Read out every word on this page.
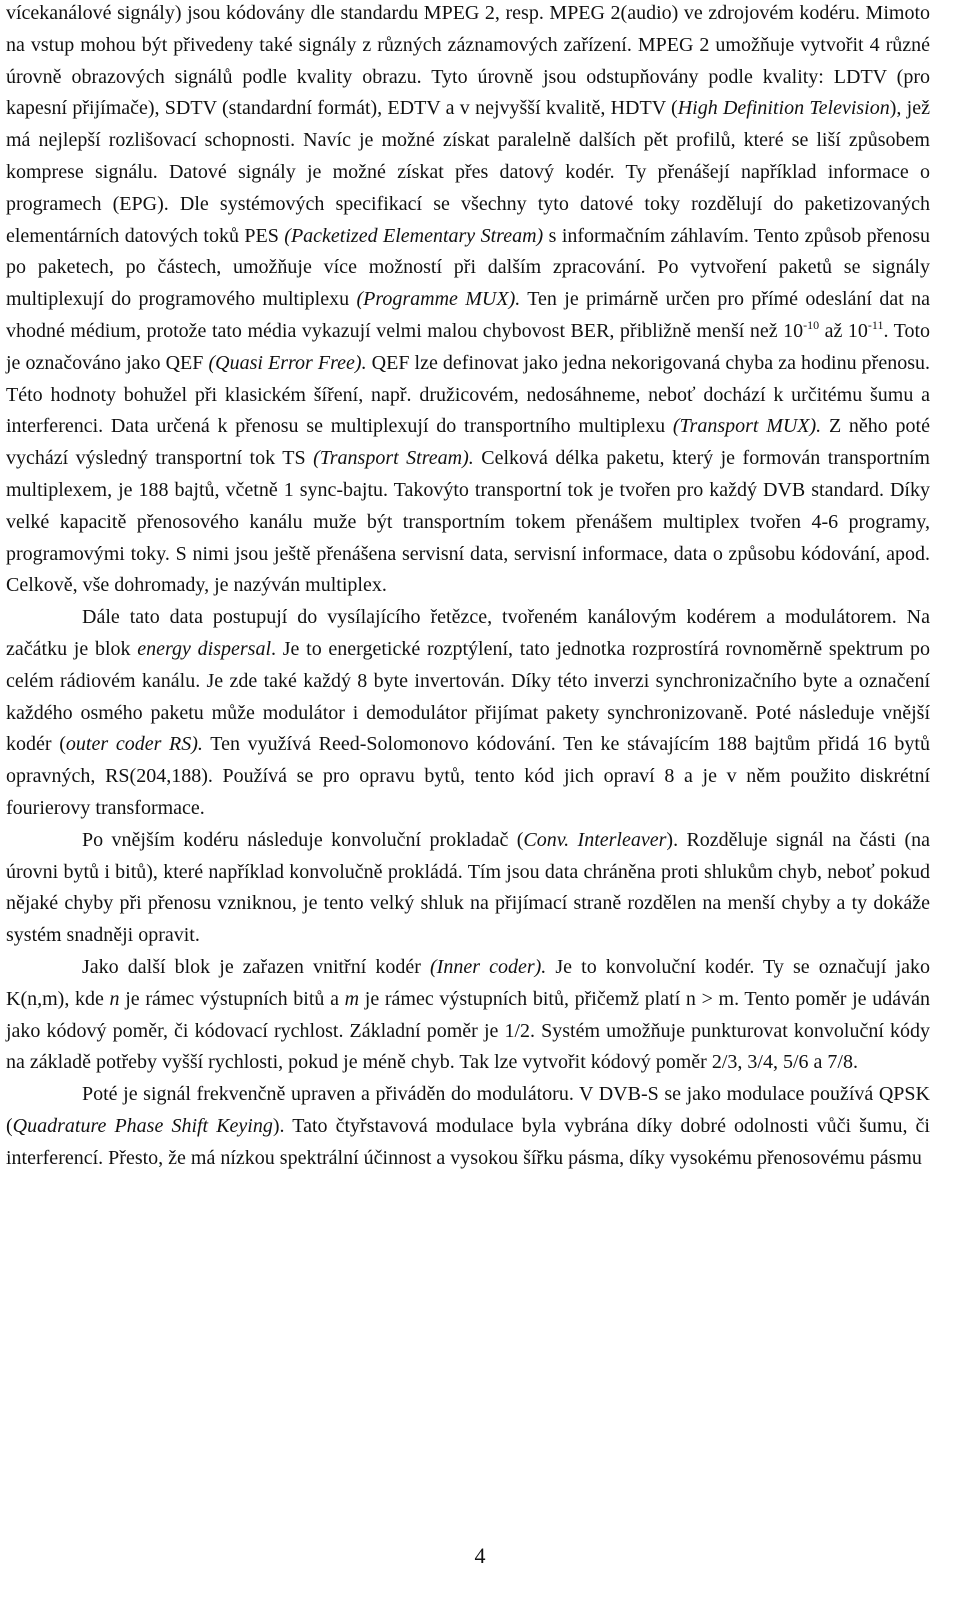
vícekanálové signály) jsou kódovány dle standardu MPEG 2, resp. MPEG 2(audio) ve zdrojovém kodéru. Mimoto na vstup mohou být přivedeny také signály z různých záznamových zařízení. MPEG 2 umožňuje vytvořit 4 různé úrovně obrazových signálů podle kvality obrazu. Tyto úrovně jsou odstupňovány podle kvality: LDTV (pro kapesní přijímače), SDTV (standardní formát), EDTV a v nejvyšší kvalitě, HDTV (High Definition Television), jež má nejlepší rozlišovací schopnosti. Navíc je možné získat paralelně dalších pět profilů, které se liší způsobem komprese signálu. Datové signály je možné získat přes datový kodér. Ty přenášejí například informace o programech (EPG). Dle systémových specifikací se všechny tyto datové toky rozdělují do paketizovaných elementárních datových toků PES (Packetized Elementary Stream) s informačním záhlavím. Tento způsob přenosu po paketech, po částech, umožňuje více možností při dalším zpracování. Po vytvoření paketů se signály multiplexují do programového multiplexu (Programme MUX). Ten je primárně určen pro přímé odeslání dat na vhodné médium, protože tato média vykazují velmi malou chybovost BER, přibližně menší než $10^{-10}$ až $10^{-11}$. Toto je označováno jako QEF (Quasi Error Free). QEF lze definovat jako jedna nekorigovaná chyba za hodinu přenosu. Této hodnoty bohužel při klasickém šíření, např. družicovém, nedosáhneme, neboť dochází k určitému šumu a interferenci. Data určená k přenosu se multiplexují do transportního multiplexu (Transport MUX). Z něho poté vychází výsledný transportní tok TS (Transport Stream). Celková délka paketu, který je formován transportním multiplexem, je 188 bajtů, včetně 1 sync-bajtu. Takovýto transportní tok je tvořen pro každý DVB standard. Díky velké kapacitě přenosového kanálu muže být transportním tokem přenášem multiplex tvořen 4-6 programy, programovými toky. S nimi jsou ještě přenášena servisní data, servisní informace, data o způsobu kódování, apod. Celkově, vše dohromady, je nazýván multiplex.

Dále tato data postupují do vysílajícího řetězce, tvořeném kanálovým kodérem a modulátorem. Na začátku je blok energy dispersal. Je to energetické rozptýlení, tato jednotka rozprostírá rovnoměrně spektrum po celém rádiovém kanálu. Je zde také každý 8 byte invertován. Díky této inverzi synchronizačního byte a označení každého osmého paketu může modulátor i demodulátor přijímat pakety synchronizovaně. Poté následuje vnější kodér (outer coder RS). Ten využívá Reed-Solomonovo kódování. Ten ke stávajícím 188 bajtům přidá 16 bytů opravných, RS(204,188). Používá se pro opravu bytů, tento kód jich opraví 8 a je v něm použito diskrétní fourierovy transformace.

Po vnějším kodéru následuje konvoluční prokladač (Conv. Interleaver). Rozděluje signál na části (na úrovni bytů i bitů), které například konvolučně prokládá. Tím jsou data chráněna proti shlukům chyb, neboť pokud nějaké chyby při přenosu vzniknou, je tento velký shluk na přijímací straně rozdělen na menší chyby a ty dokáže systém snadněji opravit.

Jako další blok je zařazen vnitřní kodér (Inner coder). Je to konvoluční kodér. Ty se označují jako K(n,m), kde n je rámec výstupních bitů a m je rámec výstupních bitů, přičemž platí n > m. Tento poměr je udáván jako kódový poměr, či kódovací rychlost. Základní poměr je 1/2. Systém umožňuje punkturovat konvoluční kódy na základě potřeby vyšší rychlosti, pokud je méně chyb. Tak lze vytvořit kódový poměr 2/3, 3/4, 5/6 a 7/8.

Poté je signál frekvenčně upraven a přiváděn do modulátoru. V DVB-S se jako modulace používá QPSK (Quadrature Phase Shift Keying). Tato čtyřstavová modulace byla vybrána díky dobré odolnosti vůči šumu, či interferencí. Přesto, že má nízkou spektrální účinnost a vysokou šířku pásma, díky vysokému přenosovému pásmu

4
